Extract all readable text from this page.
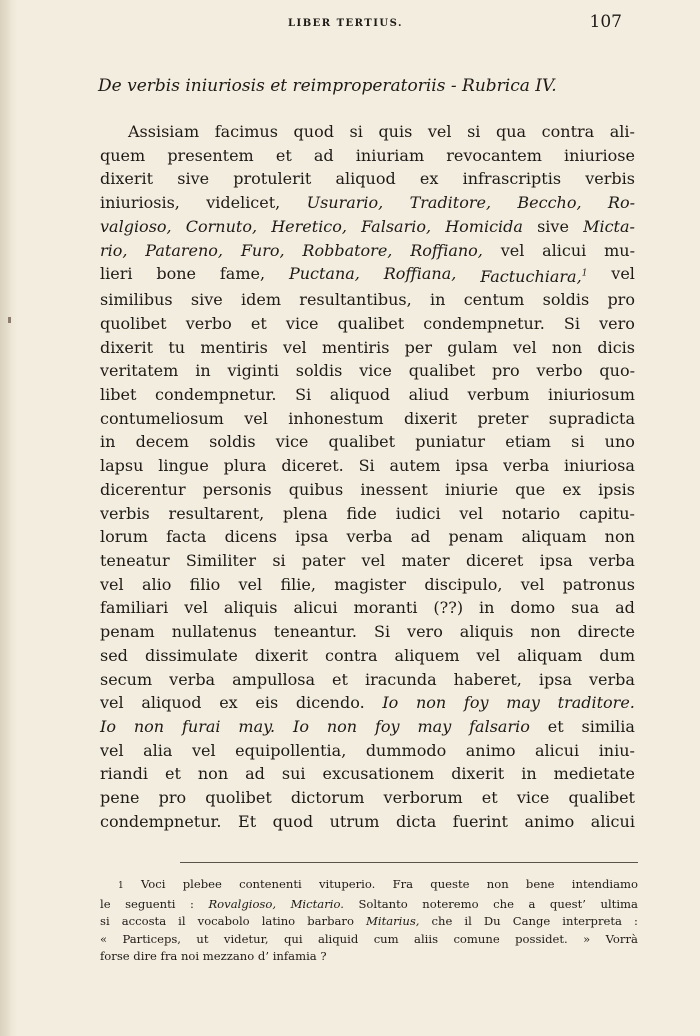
LIBER TERTIUS.	107
De verbis iniuriosis et reimproperatoriis - Rubrica IV.
Assisiam facimus quod si quis vel si qua contra ali-
quem presentem et ad iniuriam revocantem iniuriose
dixerit sive protulerit aliquod ex infrascriptis verbis
iniuriosis, videlicet, Usurario, Traditore, Beccho, Ro-
valgioso, Cornuto, Heretico, Falsario, Homicida sive Micta-
rio, Patareno, Furo, Robbatore, Roffiano, vel alicui mu-
lieri bone fame, Puctana, Roffiana, Factuchiara,$^1$ vel
similibus sive idem resultantibus, in centum soldis pro
quolibet verbo et vice qualibet condempnetur. Si vero
dixerit tu mentiris vel mentiris per gulam vel non dicis
veritatem in viginti soldis vice qualibet pro verbo quo-
libet condempnetur. Si aliquod aliud verbum iniuriosum
contumeliosum vel inhonestum dixerit preter supradicta
in decem soldis vice qualibet puniatur etiam si uno
lapsu lingue plura diceret. Si autem ipsa verba iniuriosa
dicerentur personis quibus inessent iniurie que ex ipsis
verbis resultarent, plena fide iudici vel notario capitu-
lorum facta dicens ipsa verba ad penam aliquam non
teneatur Similiter si pater vel mater diceret ipsa verba
vel alio filio vel filie, magister discipulo, vel patronus
familiari vel aliquis alicui moranti (??) in domo sua ad
penam nullatenus teneantur. Si vero aliquis non directe
sed dissimulate dixerit contra aliquem vel aliquam dum
secum verba ampullosa et iracunda haberet, ipsa verba
vel aliquod ex eis dicendo. Io non foy may traditore.
Io non furai may. Io non foy may falsario et similia
vel alia vel equipollentia, dummodo animo alicui iniu-
riandi et non ad sui excusationem dixerit in medietate
pene pro quolibet dictorum verborum et vice qualibet
condempnetur. Et quod utrum dicta fuerint animo alicui
1 Voci plebee contenenti vituperio. Fra queste non bene intendiamo
le seguenti : Rovalgioso, Mictario. Soltanto noteremo che a quest’ ultima
si accosta il vocabolo latino barbaro Mitarius, che il Du Cange interpreta :
« Particeps, ut videtur, qui aliquid cum aliis comune possidet. » Vorrà
forse dire fra noi mezzano d’ infamia ?
